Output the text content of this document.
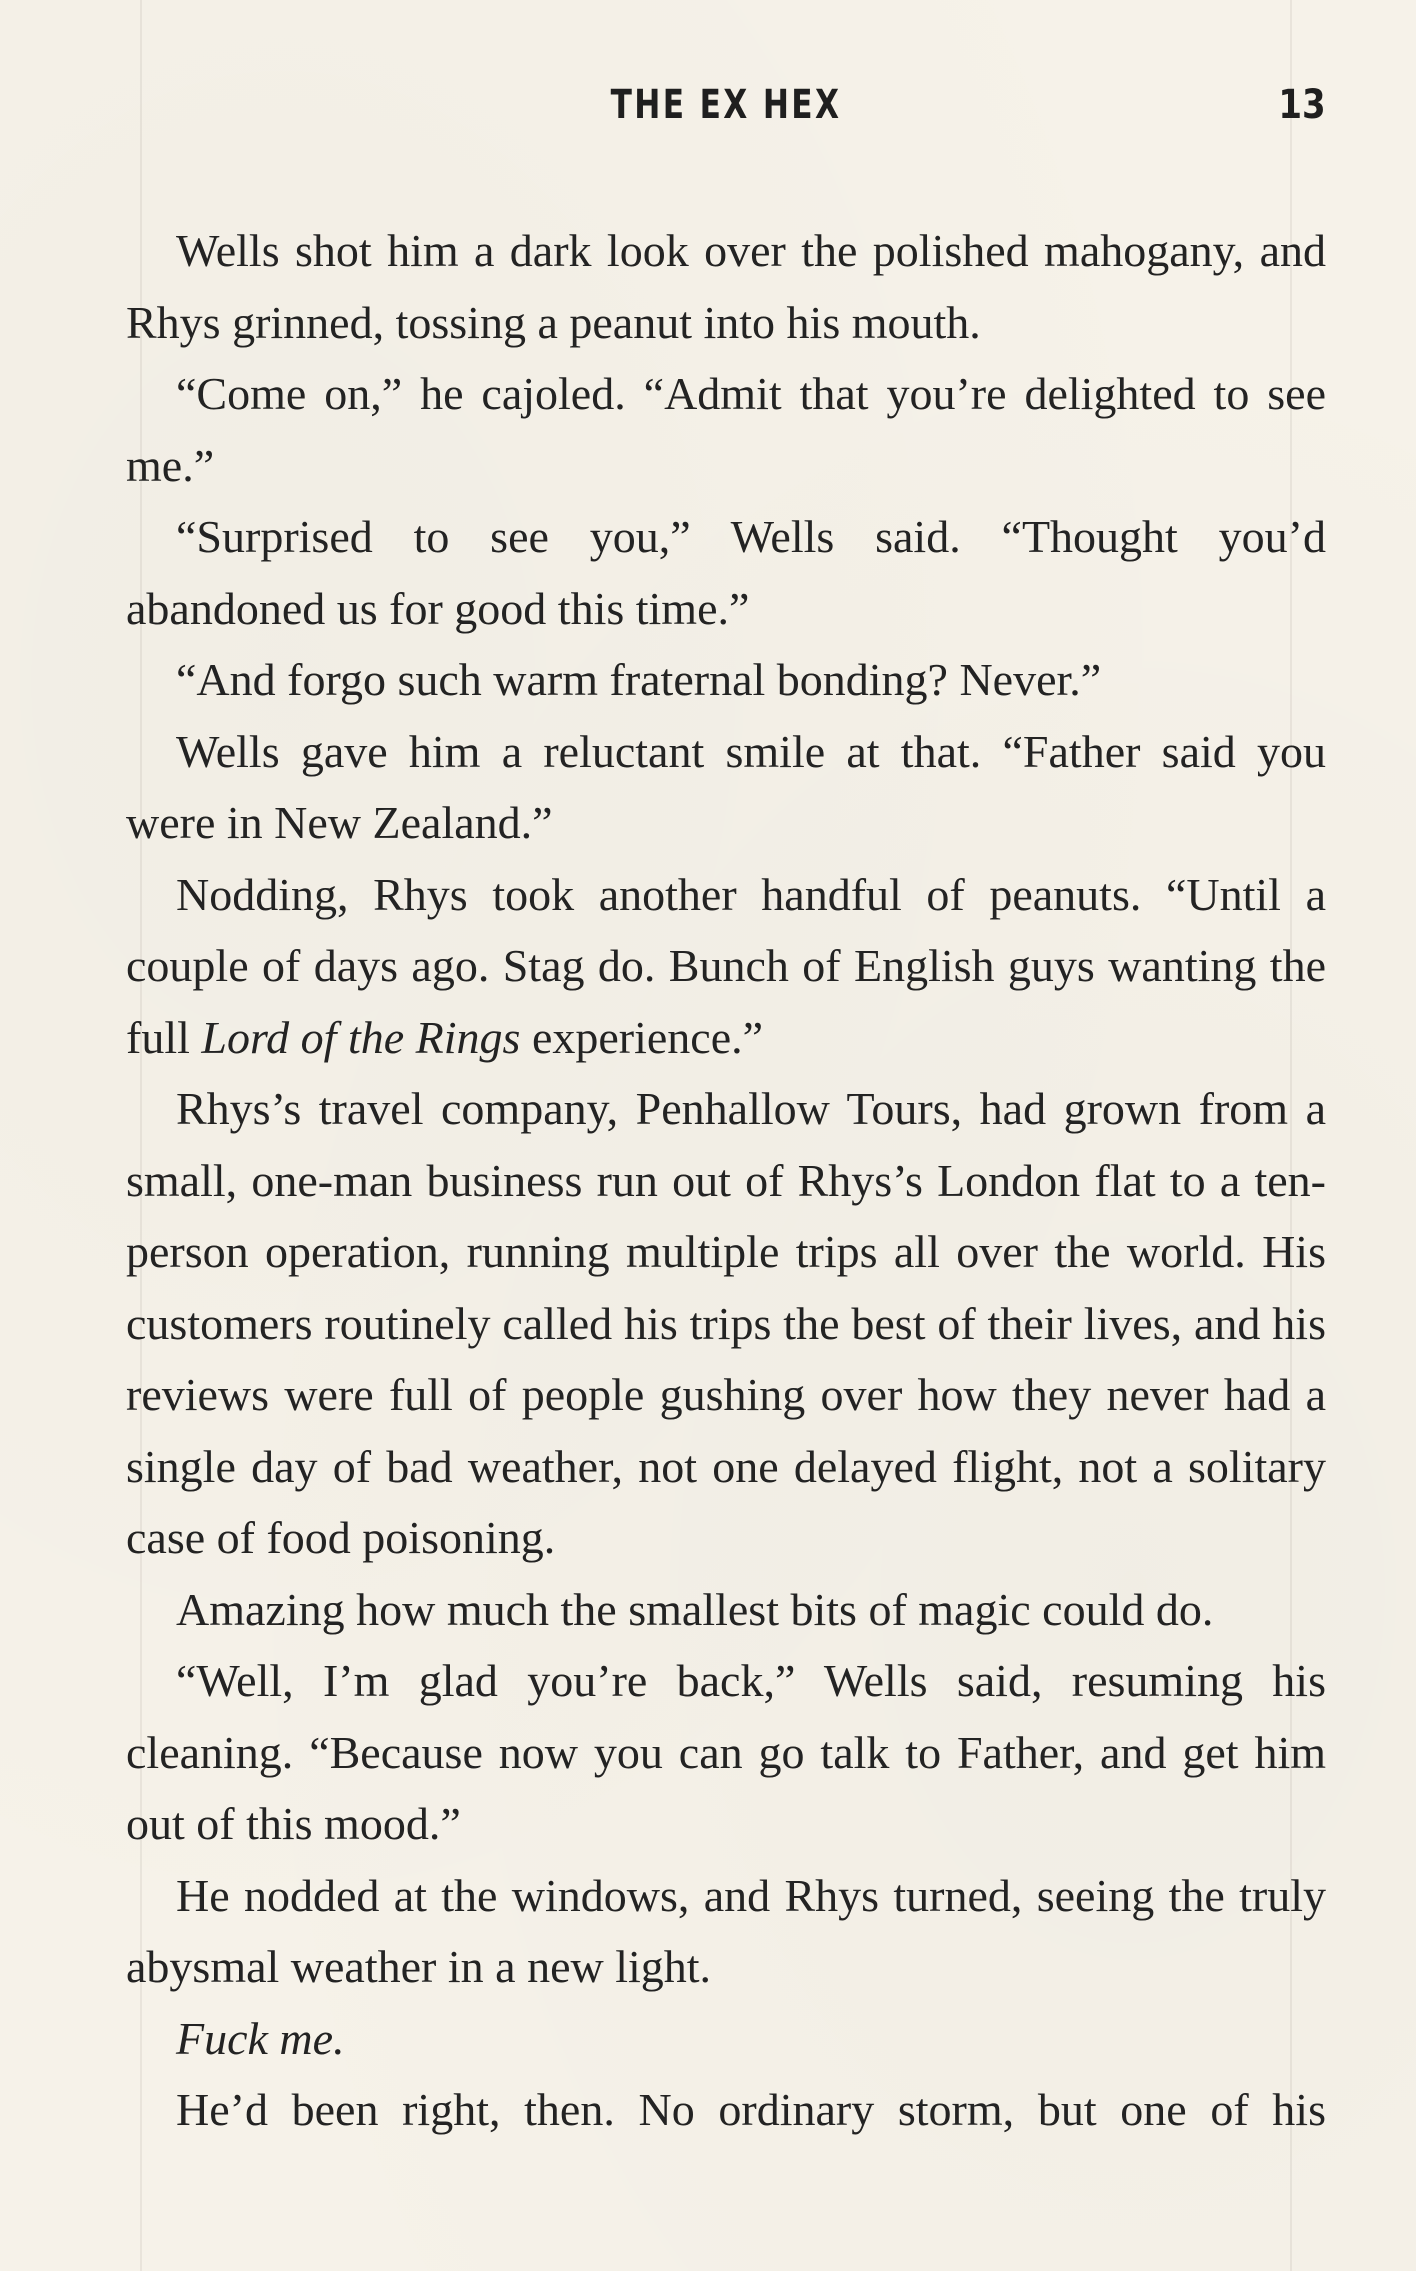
THE EX HEX	13

Wells shot him a dark look over the polished mahogany, and Rhys grinned, tossing a peanut into his mouth.

“Come on,” he cajoled. “Admit that you’re delighted to see me.”

“Surprised to see you,” Wells said. “Thought you’d abandoned us for good this time.”

“And forgo such warm fraternal bonding? Never.”

Wells gave him a reluctant smile at that. “Father said you were in New Zealand.”

Nodding, Rhys took another handful of peanuts. “Until a couple of days ago. Stag do. Bunch of English guys wanting the full Lord of the Rings experience.”

Rhys’s travel company, Penhallow Tours, had grown from a small, one-man business run out of Rhys’s London flat to a ten-person operation, running multiple trips all over the world. His customers routinely called his trips the best of their lives, and his reviews were full of people gushing over how they never had a single day of bad weather, not one delayed flight, not a solitary case of food poisoning.

Amazing how much the smallest bits of magic could do.

“Well, I’m glad you’re back,” Wells said, resuming his cleaning. “Because now you can go talk to Father, and get him out of this mood.”

He nodded at the windows, and Rhys turned, seeing the truly abysmal weather in a new light.

Fuck me.

He’d been right, then. No ordinary storm, but one of his
